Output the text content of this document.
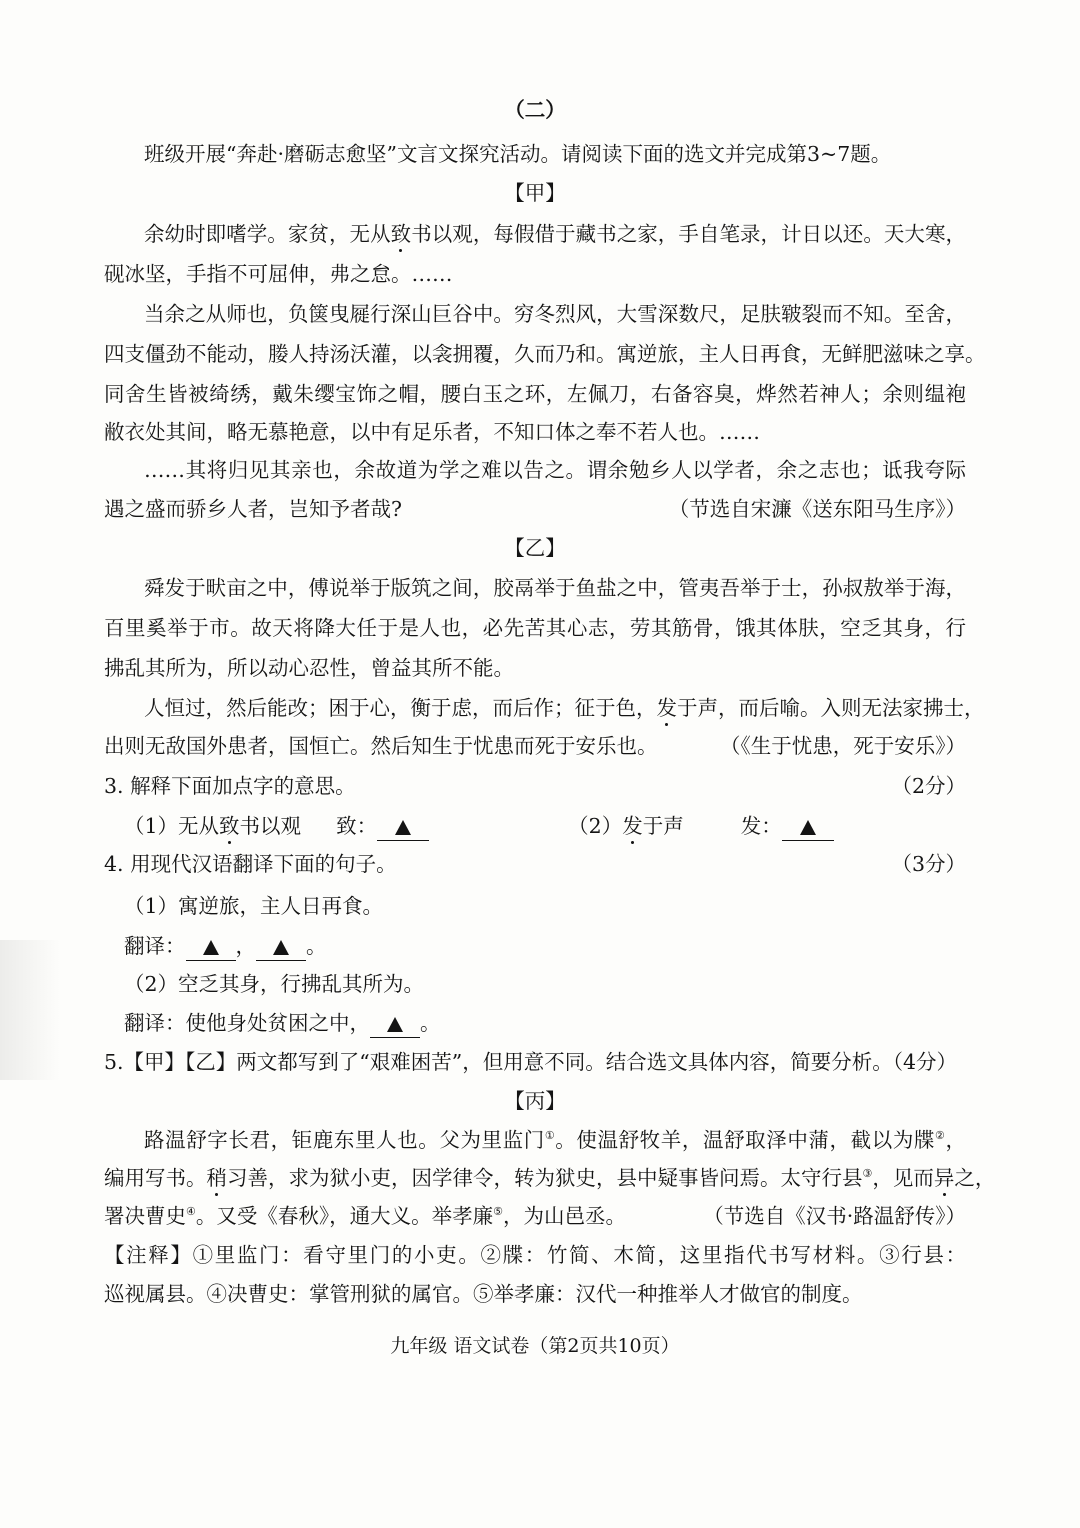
（二）
班级开展“奔赴·磨砺志愈坚”文言文探究活动。请阅读下面的选文并完成第3~7题。
【甲】
余幼时即嗜学。家贫，无从致书以观，每假借于藏书之家，手自笔录，计日以还。天大寒，
砚冰坚，手指不可屈伸，弗之怠。……
当余之从师也，负箧曳屣行深山巨谷中。穷冬烈风，大雪深数尺，足肤皲裂而不知。至舍，
四支僵劲不能动，媵人持汤沃灌，以衾拥覆，久而乃和。寓逆旅，主人日再食，无鲜肥滋味之享。
同舍生皆被绮绣，戴朱缨宝饰之帽，腰白玉之环，左佩刀，右备容臭，烨然若神人；余则缊袍
敝衣处其间，略无慕艳意，以中有足乐者，不知口体之奉不若人也。……
……其将归见其亲也，余故道为学之难以告之。谓余勉乡人以学者，余之志也；诋我夸际
遇之盛而骄乡人者，岂知予者哉?	（节选自宋濂《送东阳马生序》）
【乙】
舜发于畎亩之中，傅说举于版筑之间，胶鬲举于鱼盐之中，管夷吾举于士，孙叔敖举于海，
百里奚举于市。故天将降大任于是人也，必先苦其心志，劳其筋骨，饿其体肤，空乏其身，行
拂乱其所为，所以动心忍性，曾益其所不能。
人恒过，然后能改；困于心，衡于虑，而后作；征于色，发于声，而后喻。入则无法家拂士，
出则无敌国外患者，国恒亡。然后知生于忧患而死于安乐也。	（《生于忧患，死于安乐》）
3. 解释下面加点字的意思。	（2分）
（1）无从致书以观 致：	（2）发于声	发：
4. 用现代汉语翻译下面的句子。	（3分）
（1）寓逆旅，主人日再食。
翻译： ， 。
（2）空乏其身，行拂乱其所为。
翻译：使他身处贫困之中， 。
5.【甲】【乙】两文都写到了“艰难困苦”，但用意不同。结合选文具体内容，简要分析。（4分）
【丙】
路温舒字长君，钜鹿东里人也。父为里监门①。使温舒牧羊，温舒取泽中蒲，截以为牒②，
编用写书。稍习善，求为狱小吏，因学律令，转为狱史，县中疑事皆问焉。太守行县③，见而异之，
署决曹史④。又受《春秋》，通大义。举孝廉⑤，为山邑丞。	（节选自《汉书·路温舒传》）
【注释】①里监门：看守里门的小吏。②牒：竹简、木简，这里指代书写材料。③行县：
巡视属县。④决曹史：掌管刑狱的属官。⑤举孝廉：汉代一种推举人才做官的制度。
九年级 语文试卷（第2页共10页）
